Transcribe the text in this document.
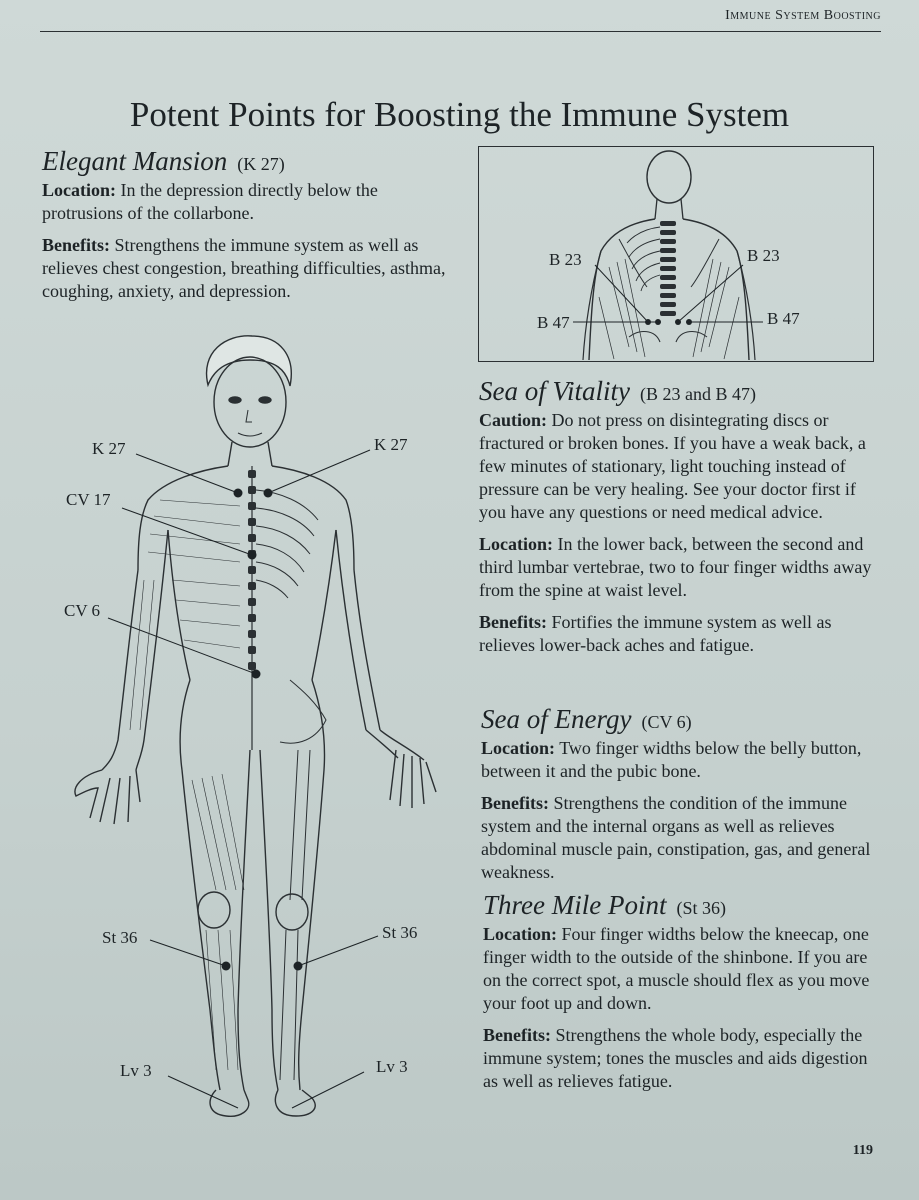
Immune System Boosting
Potent Points for Boosting the Immune System
Elegant Mansion (K 27)

Location: In the depression directly below the protrusions of the collarbone.

Benefits: Strengthens the immune system as well as relieves chest congestion, breathing difficulties, asthma, coughing, anxiety, and depression.

B 23	B 23
B 47	B 47
K 27	K 27
CV 17
CV 6
St 36	St 36
Lv 3	Lv 3
Sea of Vitality (B 23 and B 47)

Caution: Do not press on disintegrating discs or fractured or broken bones. If you have a weak back, a few minutes of stationary, light touching instead of pressure can be very healing. See your doctor first if you have any questions or need medical advice.

Location: In the lower back, between the second and third lumbar vertebrae, two to four finger widths away from the spine at waist level.

Benefits: Fortifies the immune system as well as relieves lower-back aches and fatigue.

Sea of Energy (CV 6)

Location: Two finger widths below the belly button, between it and the pubic bone.

Benefits: Strengthens the condition of the immune system and the internal organs as well as relieves abdominal muscle pain, constipation, gas, and general weakness.

Three Mile Point (St 36)

Location: Four finger widths below the kneecap, one finger width to the outside of the shinbone. If you are on the correct spot, a muscle should flex as you move your foot up and down.

Benefits: Strengthens the whole body, especially the immune system; tones the muscles and aids digestion as well as relieves fatigue.

119
